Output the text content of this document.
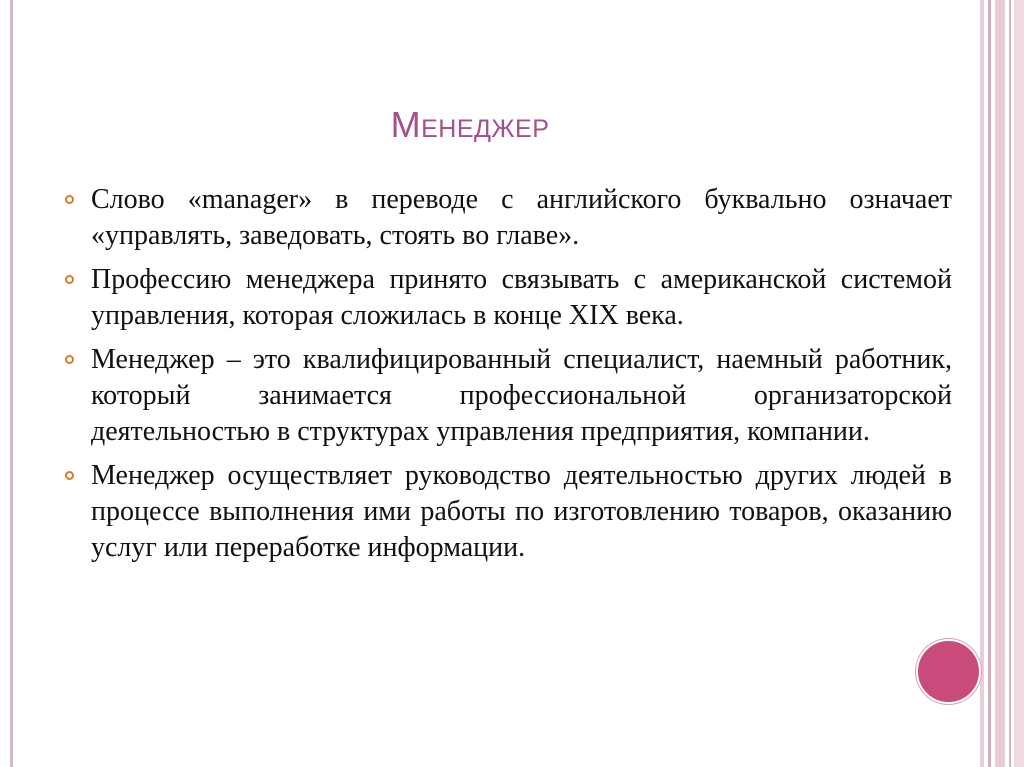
Менеджер
Слово «manager» в переводе с английского буквально означает «управлять, заведовать, стоять во главе».
Профессию менеджера принято связывать с американской системой управления, которая сложилась в конце XIX века.
Менеджер – это квалифицированный специалист, наемный работник, который занимается профессиональной организаторской деятельностью в структурах управления предприятия, компании.
Менеджер осуществляет руководство деятельностью других людей в процессе выполнения ими работы по изготовлению товаров, оказанию услуг или переработке информации.
